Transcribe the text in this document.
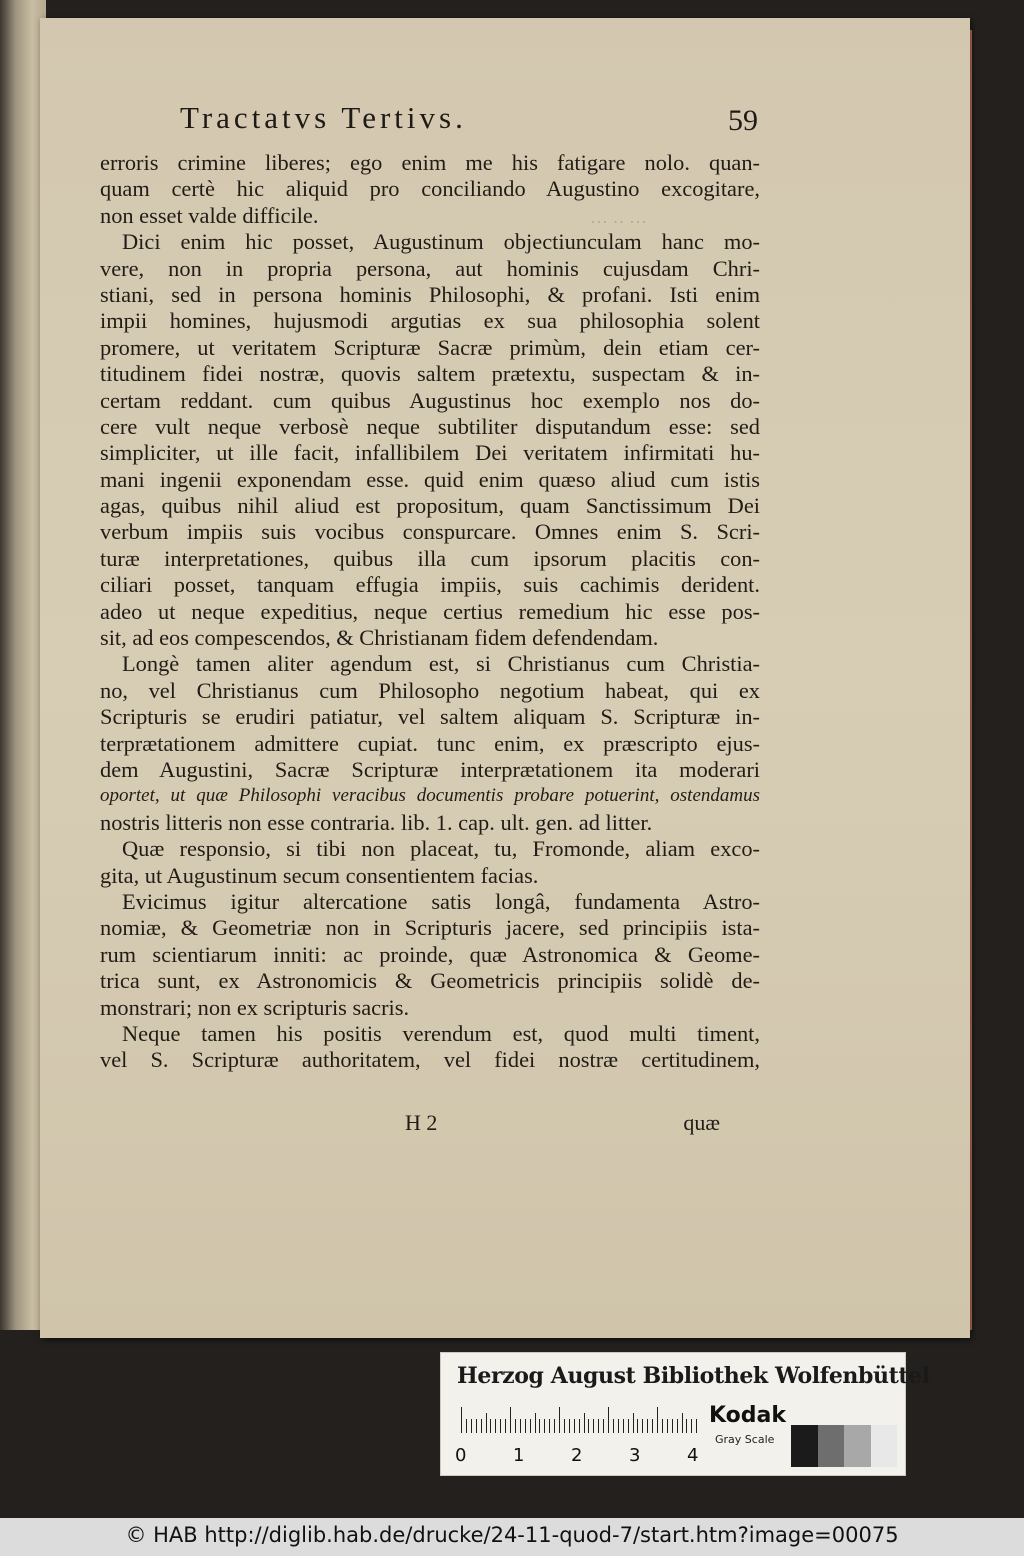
··· ·· ···
Tractatvs Tertivs.	59
erroris crimine liberes; ego enim me his fatigare nolo. quan-
quam certè hic aliquid pro conciliando Augustino excogitare,
non esset valde difficile.
Dici enim hic posset, Augustinum objectiunculam hanc mo-
vere, non in propria persona, aut hominis cujusdam Chri-
stiani, sed in persona hominis Philosophi, & profani. Isti enim
impii homines, hujusmodi argutias ex sua philosophia solent
promere, ut veritatem Scripturæ Sacræ primùm, dein etiam cer-
titudinem fidei nostræ, quovis saltem prætextu, suspectam & in-
certam reddant. cum quibus Augustinus hoc exemplo nos do-
cere vult neque verbosè neque subtiliter disputandum esse: sed
simpliciter, ut ille facit, infallibilem Dei veritatem infirmitati hu-
mani ingenii exponendam esse. quid enim quæso aliud cum istis
agas, quibus nihil aliud est propositum, quam Sanctissimum Dei
verbum impiis suis vocibus conspurcare. Omnes enim S. Scri-
turæ interpretationes, quibus illa cum ipsorum placitis con-
ciliari posset, tanquam effugia impiis, suis cachimis derident.
adeo ut neque expeditius, neque certius remedium hic esse pos-
sit, ad eos compescendos, & Christianam fidem defendendam.
Longè tamen aliter agendum est, si Christianus cum Christia-
no, vel Christianus cum Philosopho negotium habeat, qui ex
Scripturis se erudiri patiatur, vel saltem aliquam S. Scripturæ in-
terprætationem admittere cupiat. tunc enim, ex præscripto ejus-
dem Augustini, Sacræ Scripturæ interprætationem ita moderari
oportet, ut quæ Philosophi veracibus documentis probare potuerint, ostendamus
nostris litteris non esse contraria. lib. 1. cap. ult. gen. ad litter.
Quæ responsio, si tibi non placeat, tu, Fromonde, aliam exco-
gita, ut Augustinum secum consentientem facias.
Evicimus igitur altercatione satis longâ, fundamenta Astro-
nomiæ, & Geometriæ non in Scripturis jacere, sed principiis ista-
rum scientiarum inniti: ac proinde, quæ Astronomica & Geome-
trica sunt, ex Astronomicis & Geometricis principiis solidè de-
monstrari; non ex scripturis sacris.
Neque tamen his positis verendum est, quod multi timent,
vel S. Scripturæ authoritatem, vel fidei nostræ certitudinem,
H 2	quæ
Herzog August Bibliothek Wolfenbüttel
0	1	2	3	4
Kodak
Gray Scale
© HAB http://diglib.hab.de/drucke/24-11-quod-7/start.htm?image=00075
